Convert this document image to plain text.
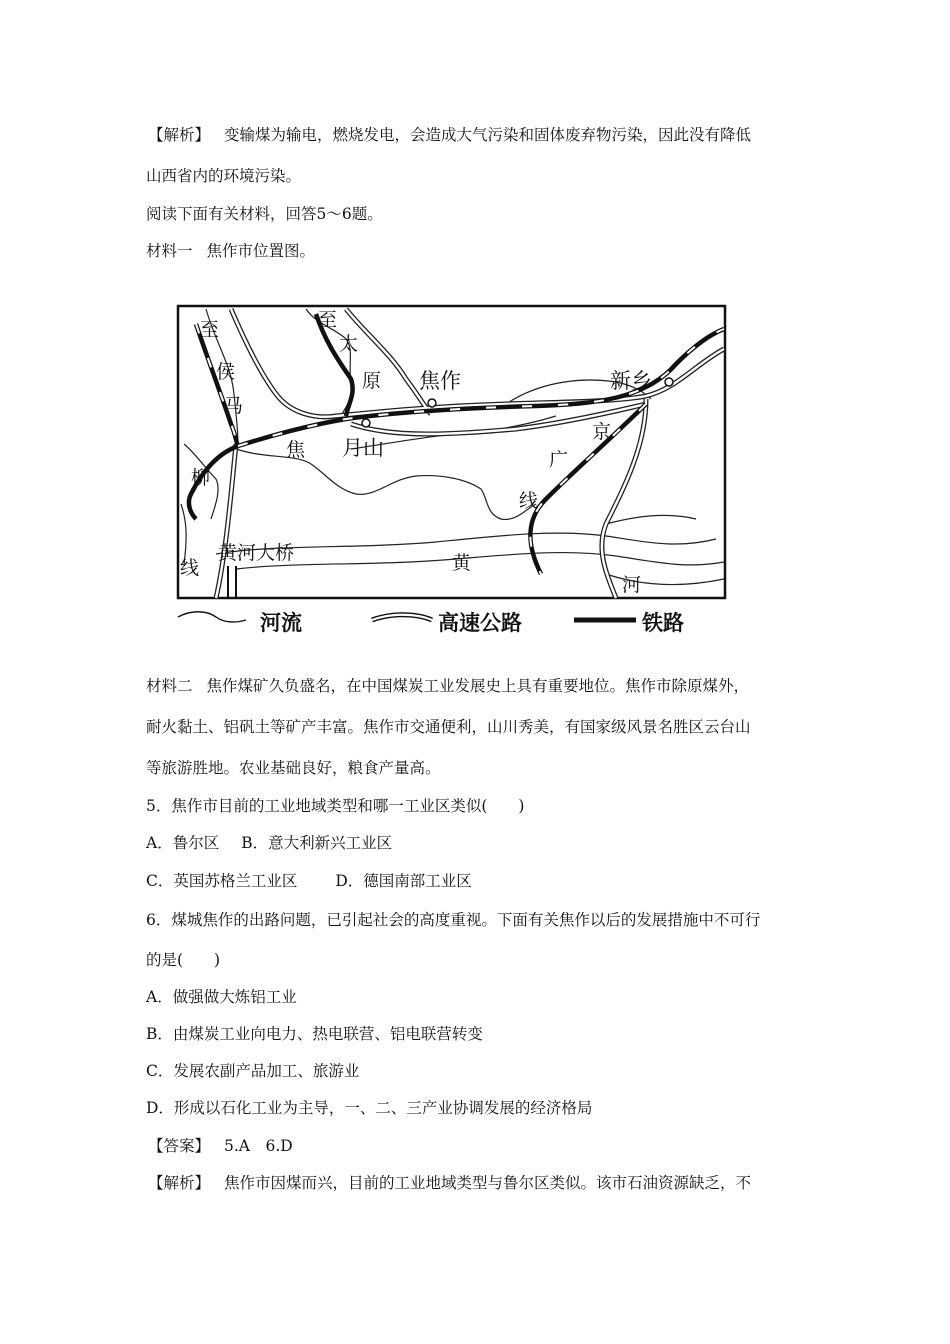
【解析】 变输煤为输电，燃烧发电，会造成大气污染和固体废弃物污染，因此没有降低
山西省内的环境污染。
阅读下面有关材料，回答5～6题。
材料一 焦作市位置图。
至
侯
马
至
太
原 焦作	新乡
京
广
线
焦 月山
柳
线
黄河大桥	黄
河
河流	高速公路	铁路
材料二 焦作煤矿久负盛名，在中国煤炭工业发展史上具有重要地位。焦作市除原煤外，
耐火黏土、铝矾土等矿产丰富。焦作市交通便利，山川秀美，有国家级风景名胜区云台山
等旅游胜地。农业基础良好，粮食产量高。
5．焦作市目前的工业地域类型和哪一工业区类似(　　)
A．鲁尔区 B．意大利新兴工业区
C．英国苏格兰工业区 D．德国南部工业区
6．煤城焦作的出路问题，已引起社会的高度重视。下面有关焦作以后的发展措施中不可行
的是(　　)
A．做强做大炼铝工业
B．由煤炭工业向电力、热电联营、铝电联营转变
C．发展农副产品加工、旅游业
D．形成以石化工业为主导，一、二、三产业协调发展的经济格局
【答案】 5.A　6.D
【解析】 焦作市因煤而兴，目前的工业地域类型与鲁尔区类似。该市石油资源缺乏，不
